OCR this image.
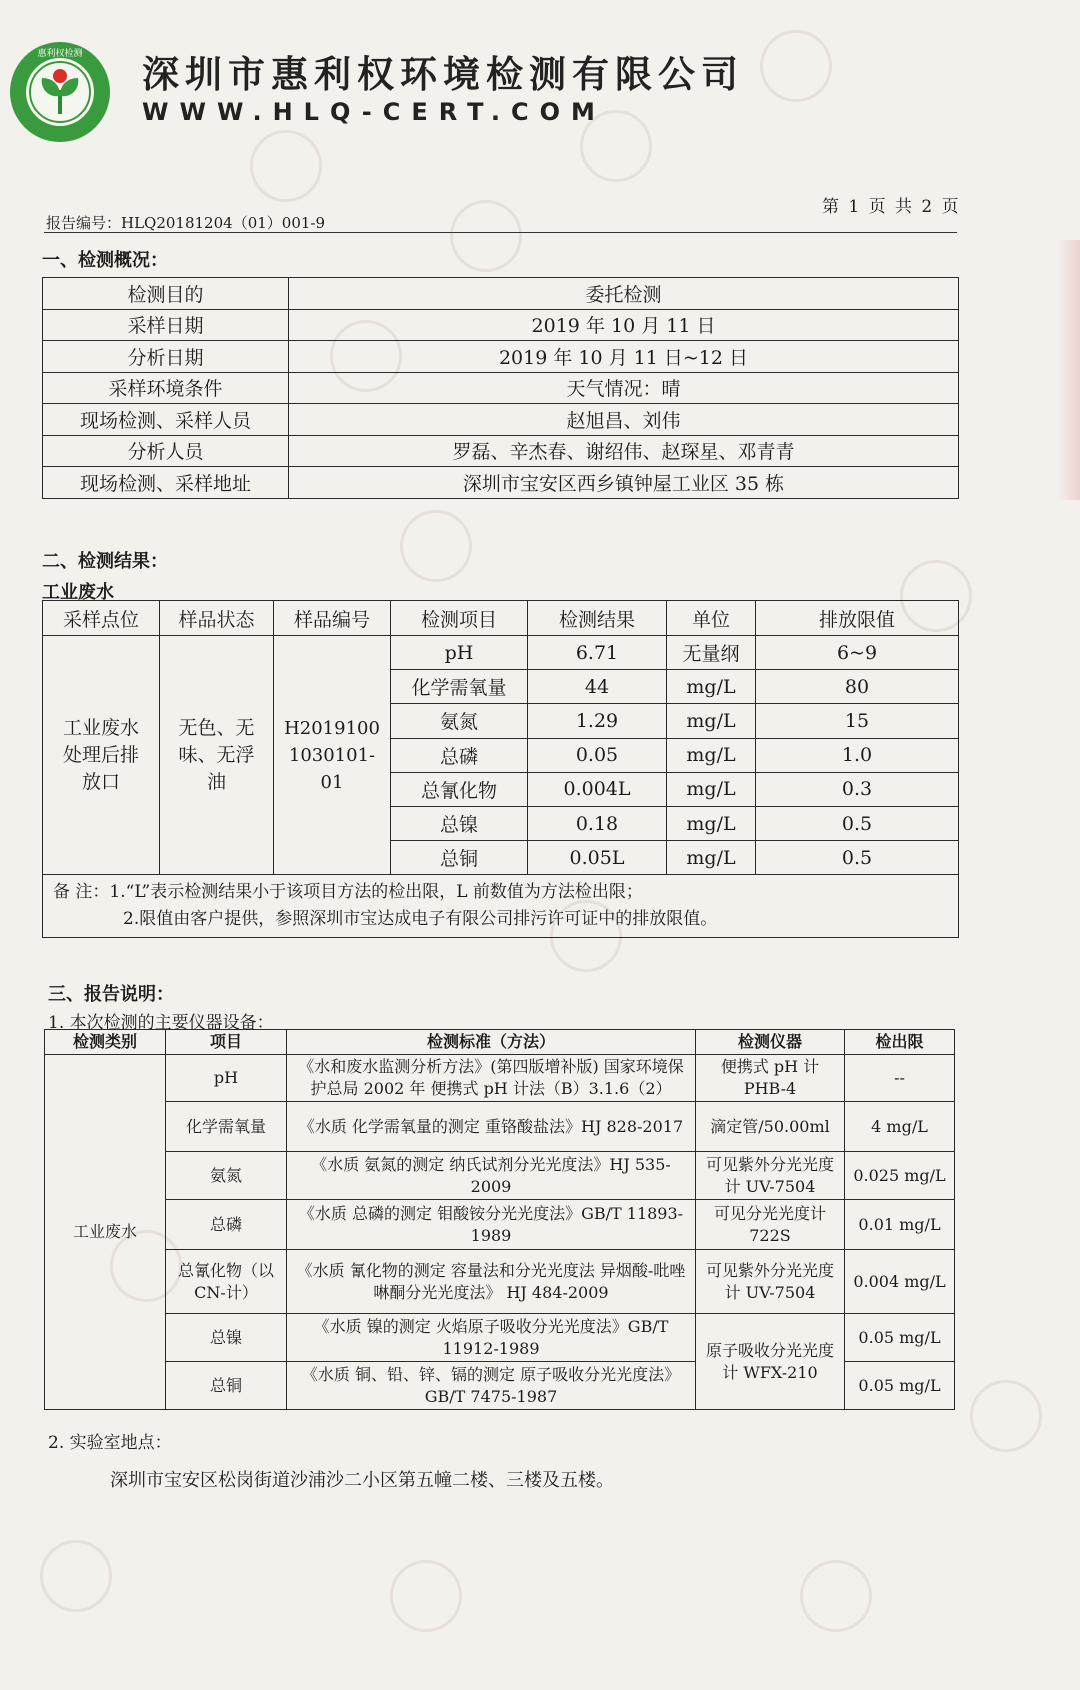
惠利权检测 深圳市惠利权环境检测有限公司
WWW.HLQ-CERT.COM
第 1 页 共 2 页
报告编号：HLQ20181204（01）001-9
一、检测概况：
检测目的	委托检测
采样日期	2019 年 10 月 11 日
分析日期	2019 年 10 月 11 日~12 日
采样环境条件	天气情况：晴
现场检测、采样人员	赵旭昌、刘伟
分析人员	罗磊、辛杰春、谢绍伟、赵琛星、邓青青
现场检测、采样地址	深圳市宝安区西乡镇钟屋工业区 35 栋
二、检测结果：
工业废水
采样点位	样品状态	样品编号	检测项目	检测结果	单位	排放限值

工业废水处理后排放口	无色、无味、无浮油	H20191001030101-01	pH	6.71	无量纲	6~9
			化学需氧量	44	mg/L	80
			氨氮	1.29	mg/L	15
			总磷	0.05	mg/L	1.0
			总氰化物	0.004L	mg/L	0.3
			总镍	0.18	mg/L	0.5
			总铜	0.05L	mg/L	0.5

备 注：1.“L”表示检测结果小于该项目方法的检出限，L 前数值为方法检出限；
2.限值由客户提供，参照深圳市宝达成电子有限公司排污许可证中的排放限值。						
三、报告说明：
1. 本次检测的主要仪器设备：
检测类别	项目	检测标准（方法）	检测仪器	检出限
工业废水	pH	《水和废水监测分析方法》(第四版增补版) 国家环境保护总局 2002 年 便携式 pH 计法（B）3.1.6（2）	便携式 pH 计 PHB-4	--
	化学需氧量	《水质 化学需氧量的测定 重铬酸盐法》HJ 828-2017	滴定管/50.00ml	4 mg/L
	氨氮	《水质 氨氮的测定 纳氏试剂分光光度法》HJ 535-2009	可见紫外分光光度计 UV-7504	0.025 mg/L
	总磷	《水质 总磷的测定 钼酸铵分光光度法》GB/T 11893-1989	可见分光光度计 722S	0.01 mg/L
	总氰化物（以 CN-计）	《水质 氰化物的测定 容量法和分光光度法 异烟酸-吡唑啉酮分光光度法》 HJ 484-2009	可见紫外分光光度计 UV-7504	0.004 mg/L
	总镍	《水质 镍的测定 火焰原子吸收分光光度法》GB/T 11912-1989	原子吸收分光光度计 WFX-210	0.05 mg/L
	总铜	《水质 铜、铅、锌、镉的测定 原子吸收分光光度法》GB/T 7475-1987		0.05 mg/L
2. 实验室地点：
深圳市宝安区松岗街道沙浦沙二小区第五幢二楼、三楼及五楼。
